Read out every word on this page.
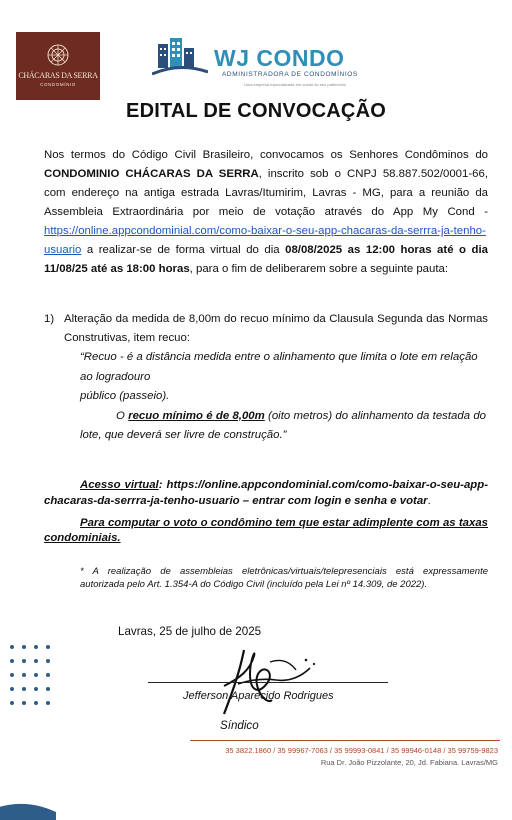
CHÁCARAS DA SERRA
CONDOMÍNIO
WJ CONDO
ADMINISTRADORA DE CONDOMÍNIOS
Uma empresa especializada em cuidar do seu patrimônio
EDITAL DE CONVOCAÇÃO
Nos termos do Código Civil Brasileiro, convocamos os Senhores Condôminos do CONDOMINIO CHÁCARAS DA SERRA, inscrito sob o CNPJ 58.887.502/0001-66, com endereço na antiga estrada Lavras/Itumirim, Lavras - MG, para a reunião da Assembleia Extraordinária por meio de votação através do App My Cond - https://online.appcondominial.com/como-baixar-o-seu-app-chacaras-da-serrra-ja-tenho-usuario a realizar-se de forma virtual do dia 08/08/2025 as 12:00 horas até o dia 11/08/25 até as 18:00 horas, para o fim de deliberarem sobre a seguinte pauta:
1) Alteração da medida de 8,00m do recuo mínimo da Clausula Segunda das Normas Construtivas, item recuo:
“Recuo - é a distância medida entre o alinhamento que limita o lote em relação ao logradouro
público (passeio).
O recuo mínimo é de 8,00m (oito metros) do alinhamento da testada do lote, que deverá ser livre de construção.”
Acesso virtual: https://online.appcondominial.com/como-baixar-o-seu-app-chacaras-da-serrra-ja-tenho-usuario – entrar com login e senha e votar.
Para computar o voto o condômino tem que estar adimplente com as taxas condominiais.
* A realização de assembleias eletrônicas/virtuais/telepresenciais está expressamente autorizada pelo Art. 1.354-A do Código Civil (incluído pela Lei nº 14.309, de 2022).
Lavras, 25 de julho de 2025
Jefferson Aparecido Rodrigues
Síndico
35 3822.1860 / 35 99967-7063 / 35 99993-0841 / 35 99946-0148 / 35 99759-9823
Rua Dr. João Pizzolante, 20, Jd. Fabiana. Lavras/MG
